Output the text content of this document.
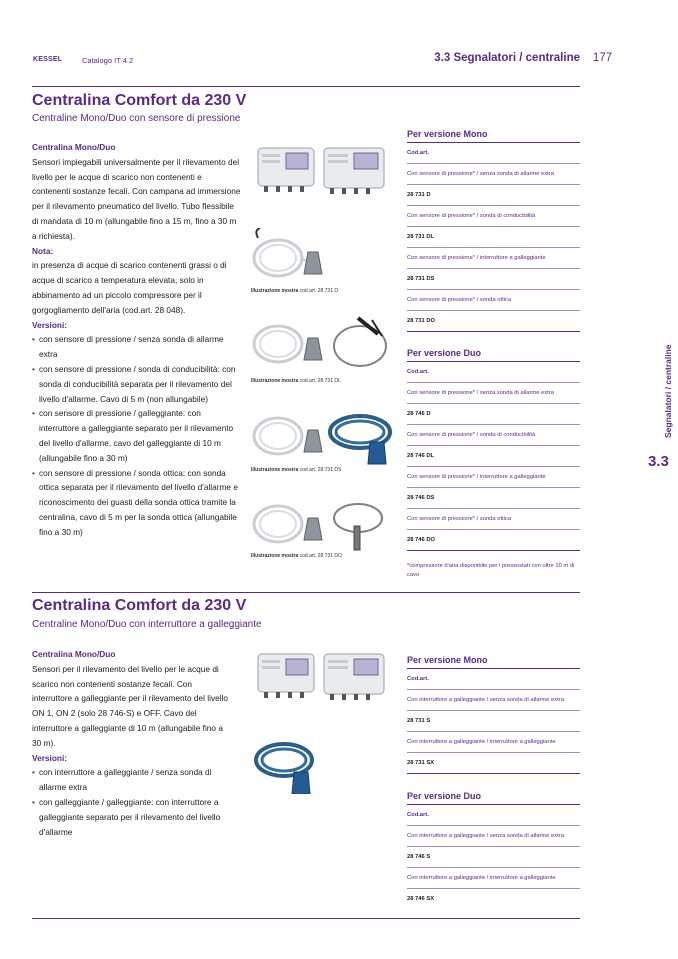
KESSEL	Catalogo IT 4.2	3.3 Segnalatori / centraline 177
Segnalatori / centraline
3.3
Centralina Comfort da 230 V
Centraline Mono/Duo con sensore di pressione
Centralina Mono/Duo
Sensori impiegabili universalmente per il rilevamento del livello per le acque di scarico non contenenti e contenenti sostanze fecali. Con campana ad immersione per il rilevamento pneumatico del livello. Tubo flessibile di mandata di 10 m (allungabile fino a 15 m, fino a 30 m a richiesta).
Nota:
in presenza di acque di scarico contenenti grassi o di acque di scarico a temperatura elevata, solo in abbinamento ad un piccolo compressore per il gorgogliamento dell'aria (cod.art. 28 048).
Versioni:
• con sensore di pressione / senza sonda di allarme extra
• con sensore di pressione / sonda di conducibilità: con sonda di conducibilità separata per il rilevamento del livello d'allarme. Cavo di 5 m (non allungabile)
• con sensore di pressione / galleggiante: con interruttore a galleggiante separato per il rilevamento del livello d'allarme, cavo del galleggiante di 10 m (allungabile fino a 30 m)
• con sensore di pressione / sonda ottica: con sonda ottica separata per il rilevamento del livello d'allarme e riconoscimento dei guasti della sonda ottica tramite la centralina, cavo di 5 m per la sonda ottica (allungabile fino a 30 m)
Illustrazione mostra cod.art. 28 731 D
Illustrazione mostra cod.art. 28 731 DL
Illustrazione mostra cod.art. 28 731 DS
Illustrazione mostra cod.art. 28 731 DO
Per versione Mono
Cod.art.
Con sensore di pressione* / senza sonda di allarme extra
28 731 D
Con sensore di pressione* / sonda di conducibilità
28 731 DL
Con sensore di pressione* / interruttore a galleggiante
28 731 DS
Con sensore di pressione* / sonda ottica
28 731 DO
Per versione Duo
Cod.art.
Con sensore di pressione* / senza sonda di allarme extra
28 746 D
Con sensore di pressione* / sonda di conducibilità
28 746 DL
Con sensore di pressione* / interruttore a galleggiante
28 746 DS
Con sensore di pressione* / sonda ottica
28 746 DO
*compressore d'aria disponibile per i pressostati con oltre 10 m di cavo
Centralina Comfort da 230 V
Centraline Mono/Duo con interruttore a galleggiante
Centralina Mono/Duo
Sensori per il rilevamento del livello per le acque di scarico non contenenti sostanze fecali. Con interruttore a galleggiante per il rilevamento del livello ON 1, ON 2 (solo 28 746-S) e OFF. Cavo del interruttore a galleggiante di 10 m (allungabile fino a 30 m).
Versioni:
• con interruttore a galleggiante / senza sonda di allarme extra
• con galleggiante / galleggiante: con interruttore a galleggiante separato per il rilevamento del livello d'allarme
Per versione Mono
Cod.art.
Con interruttore a galleggiante / senza sonda di allarme extra
28 731 S
Con interruttore a galleggiante / interruttore a galleggiante
28 731 SX
Per versione Duo
Cod.art.
Con interruttore a galleggiante / senza sonda di allarme extra
28 746 S
Con interruttore a galleggiante / interruttore a galleggiante
28 746 SX
